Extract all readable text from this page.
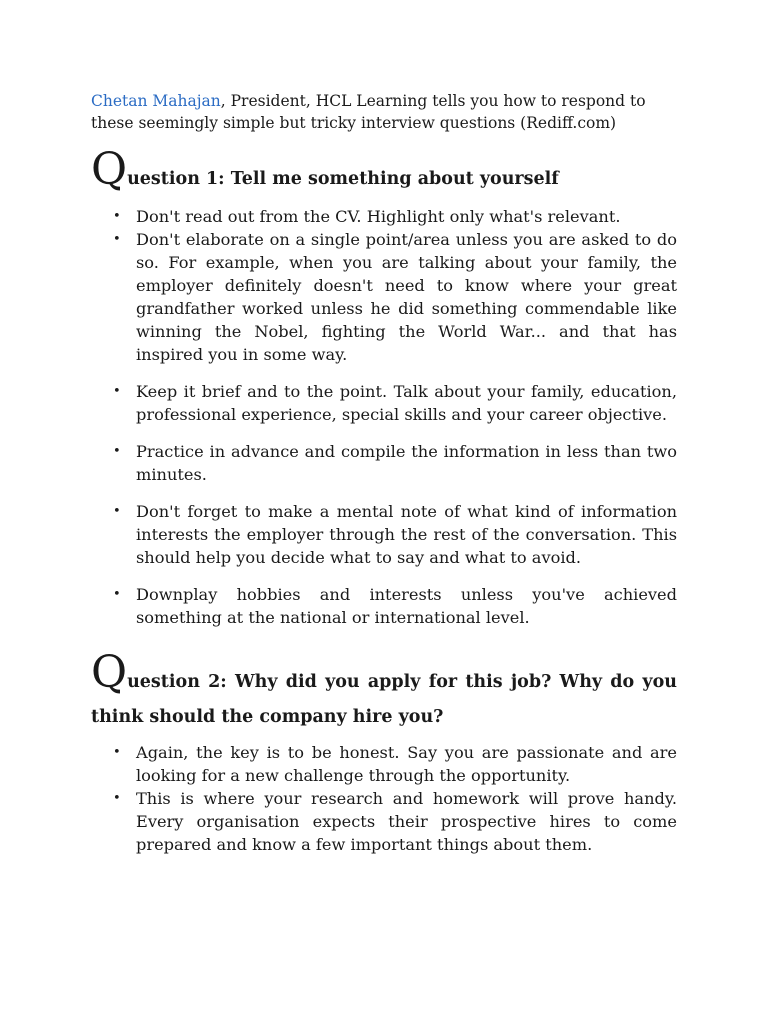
Chetan Mahajan, President, HCL Learning tells you how to respond to these seemingly simple but tricky interview questions (Rediff.com)

Question 1: Tell me something about yourself
• Don't read out from the CV. Highlight only what's relevant.
• Don't elaborate on a single point/area unless you are asked to do so. For example, when you are talking about your family, the employer definitely doesn't need to know where your great grandfather worked unless he did something commendable like winning the Nobel, fighting the World War... and that has inspired you in some way.
• Keep it brief and to the point. Talk about your family, education, professional experience, special skills and your career objective.
• Practice in advance and compile the information in less than two minutes.
• Don't forget to make a mental note of what kind of information interests the employer through the rest of the conversation. This should help you decide what to say and what to avoid.
• Downplay hobbies and interests unless you've achieved something at the national or international level.
Question 2: Why did you apply for this job? Why do you think should the company hire you?
• Again, the key is to be honest. Say you are passionate and are looking for a new challenge through the opportunity.
• This is where your research and homework will prove handy. Every organisation expects their prospective hires to come prepared and know a few important things about them.
